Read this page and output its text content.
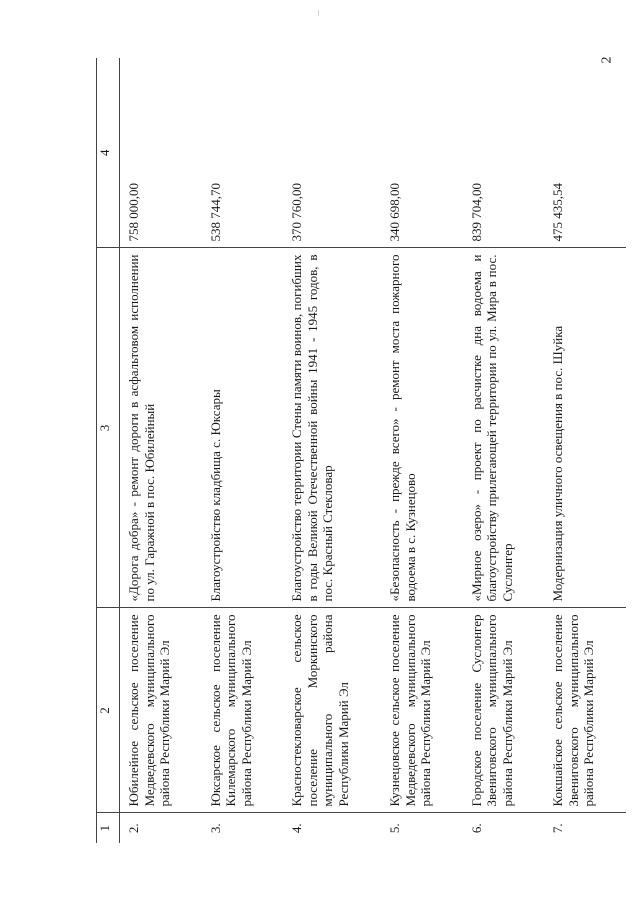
2
1	2	3	4
2.	Юбилейное сельское поселение Медведевского муниципального района Республики Марий Эл	«Дорога добра» - ремонт дороги в асфальтовом исполнении по ул. Гаражной в пос. Юбилейный	758 000,00
3.	Юксарское сельское поселение Килемарского муниципального района Республики Марий Эл	Благоустройство кладбища с. Юксары	538 744,70
4.	Красностекловарское сельское поселение Моркинского муниципального района Республики Марий Эл	Благоустройство территории Стены памяти воинов, погибших в годы Великой Отечественной войны 1941 - 1945 годов, в пос. Красный Стекловар	370 760,00
5.	Кузнецовское сельское поселение Медведевского муниципального района Республики Марий Эл	«Безопасность - прежде всего» - ремонт моста пожарного водоема в с. Кузнецово	340 698,00
6.	Городское поселение Суслонгер Звениговского муниципального района Республики Марий Эл	«Мирное озеро» - проект по расчистке дна водоема и благоустройству прилегающей территории по ул. Мира в пос. Суслонгер	839 704,00
7.	Кокшайское сельское поселение Звениговского муниципального района Республики Марий Эл	Модернизация уличного освещения в пос. Шуйка	475 435,54
